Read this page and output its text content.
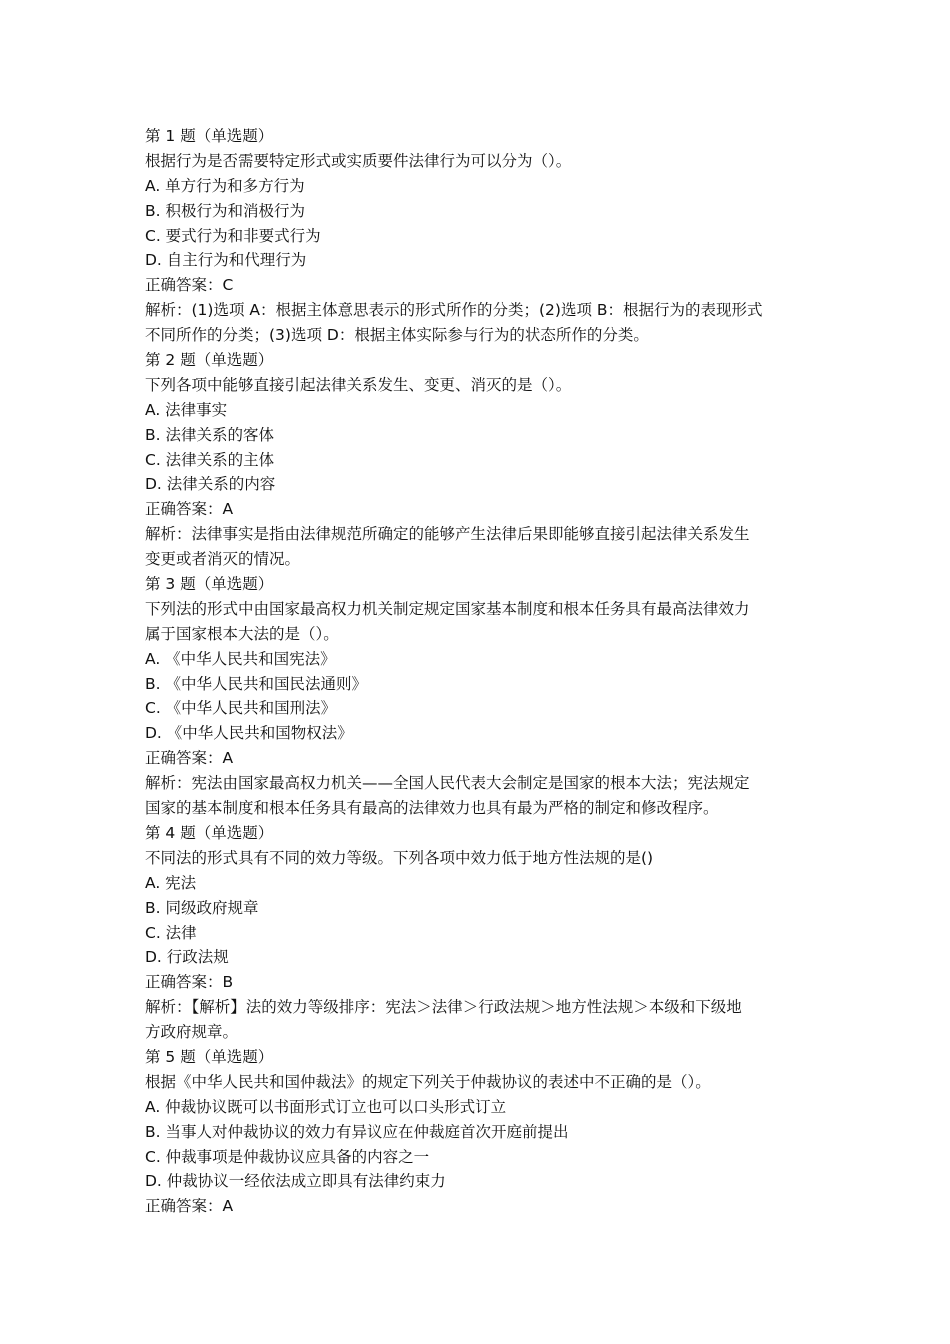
第 1 题（单选题）
根据行为是否需要特定形式或实质要件法律行为可以分为（）。
A. 单方行为和多方行为
B. 积极行为和消极行为
C. 要式行为和非要式行为
D. 自主行为和代理行为
正确答案：C
解析：(1)选项 A：根据主体意思表示的形式所作的分类；(2)选项 B：根据行为的表现形式
不同所作的分类；(3)选项 D：根据主体实际参与行为的状态所作的分类。
第 2 题（单选题）
下列各项中能够直接引起法律关系发生、变更、消灭的是（）。
A. 法律事实
B. 法律关系的客体
C. 法律关系的主体
D. 法律关系的内容
正确答案：A
解析：法律事实是指由法律规范所确定的能够产生法律后果即能够直接引起法律关系发生
变更或者消灭的情况。
第 3 题（单选题）
下列法的形式中由国家最高权力机关制定规定国家基本制度和根本任务具有最高法律效力
属于国家根本大法的是（）。
A. 《中华人民共和国宪法》
B. 《中华人民共和国民法通则》
C. 《中华人民共和国刑法》
D. 《中华人民共和国物权法》
正确答案：A
解析：宪法由国家最高权力机关——全国人民代表大会制定是国家的根本大法；宪法规定
国家的基本制度和根本任务具有最高的法律效力也具有最为严格的制定和修改程序。
第 4 题（单选题）
不同法的形式具有不同的效力等级。下列各项中效力低于地方性法规的是()
A. 宪法
B. 同级政府规章
C. 法律
D. 行政法规
正确答案：B
解析：【解析】法的效力等级排序：宪法＞法律＞行政法规＞地方性法规＞本级和下级地
方政府规章。
第 5 题（单选题）
根据《中华人民共和国仲裁法》的规定下列关于仲裁协议的表述中不正确的是（）。
A. 仲裁协议既可以书面形式订立也可以口头形式订立
B. 当事人对仲裁协议的效力有异议应在仲裁庭首次开庭前提出
C. 仲裁事项是仲裁协议应具备的内容之一
D. 仲裁协议一经依法成立即具有法律约束力
正确答案：A
